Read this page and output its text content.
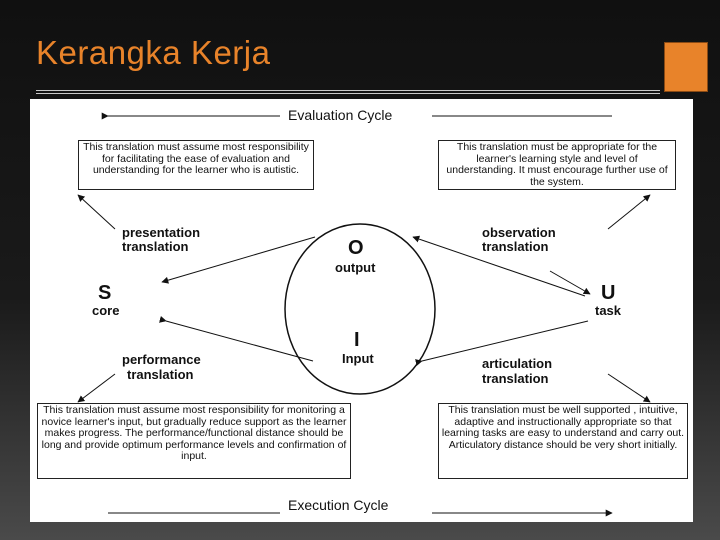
Kerangka Kerja
Evaluation Cycle
Execution Cycle
This translation must assume most responsibility for facilitating the ease of evaluation and understanding for the learner who is autistic.
This translation must be appropriate for the learner's learning style and level of understanding. It must encourage further use of the system.
This translation must assume most responsibility for monitoring a novice learner's input, but gradually reduce support as the learner makes progress. The performance/functional distance should be long and provide optimum performance levels and confirmation of input.
This translation must be well supported , intuitive, adaptive and instructionally appropriate so that learning tasks are easy to understand and carry out. Articulatory distance should be very short initially.
presentation
translation
observation
translation
performance
translation
articulation
translation
S
core
U
task
O
output
I
Input
